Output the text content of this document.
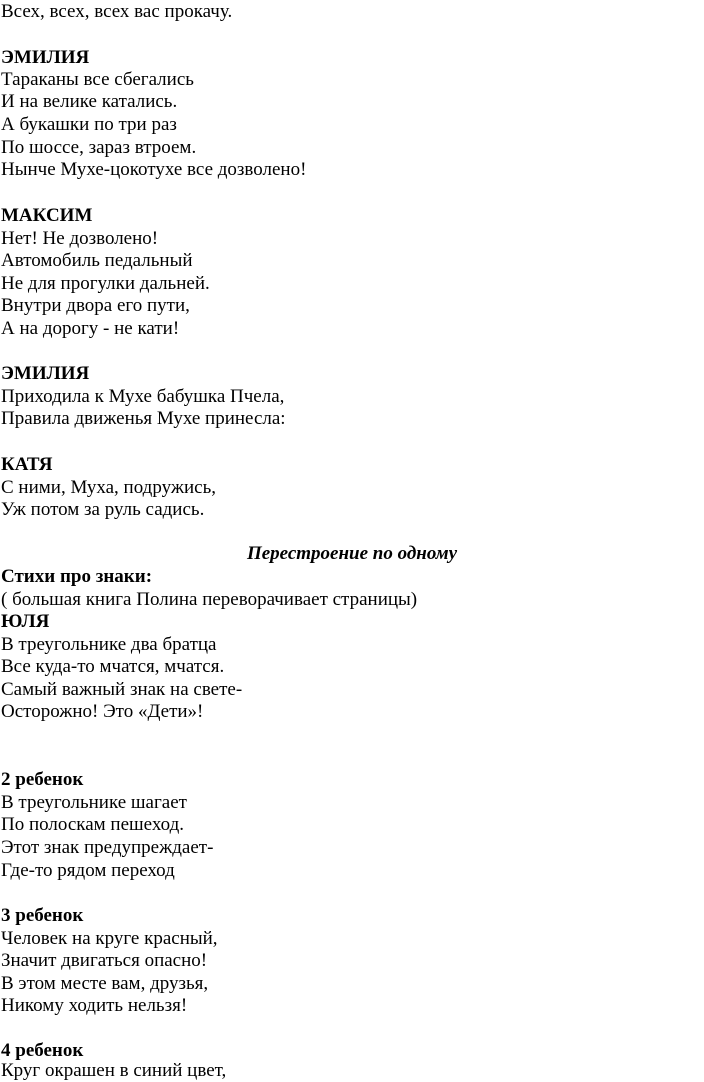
Всех, всех, всех вас прокачу.
ЭМИЛИЯ
Тараканы все сбегались
И на велике катались.
А букашки по три раз
По шоссе, зараз втроем.
Нынче Мухе-цокотухе все дозволено!
МАКСИМ
Нет! Не дозволено!
Автомобиль педальный
Не для прогулки дальней.
Внутри двора его пути,
А на дорогу - не кати!
ЭМИЛИЯ
Приходила к Мухе бабушка Пчела,
Правила движенья Мухе принесла:
КАТЯ
С ними, Муха, подружись,
Уж потом за руль садись.
Перестроение по одному
Стихи про знаки:
( большая книга Полина переворачивает страницы)
ЮЛЯ
В треугольнике два братца
Все куда-то мчатся, мчатся.
Самый важный знак на свете-
Осторожно! Это «Дети»!
2 ребенок
В треугольнике шагает
По полоскам пешеход.
Этот знак предупреждает-
Где-то рядом переход
3 ребенок
Человек на круге красный,
Значит двигаться опасно!
В этом месте вам, друзья,
Никому ходить нельзя!
4 ребенок
Круг окрашен в синий цвет,
